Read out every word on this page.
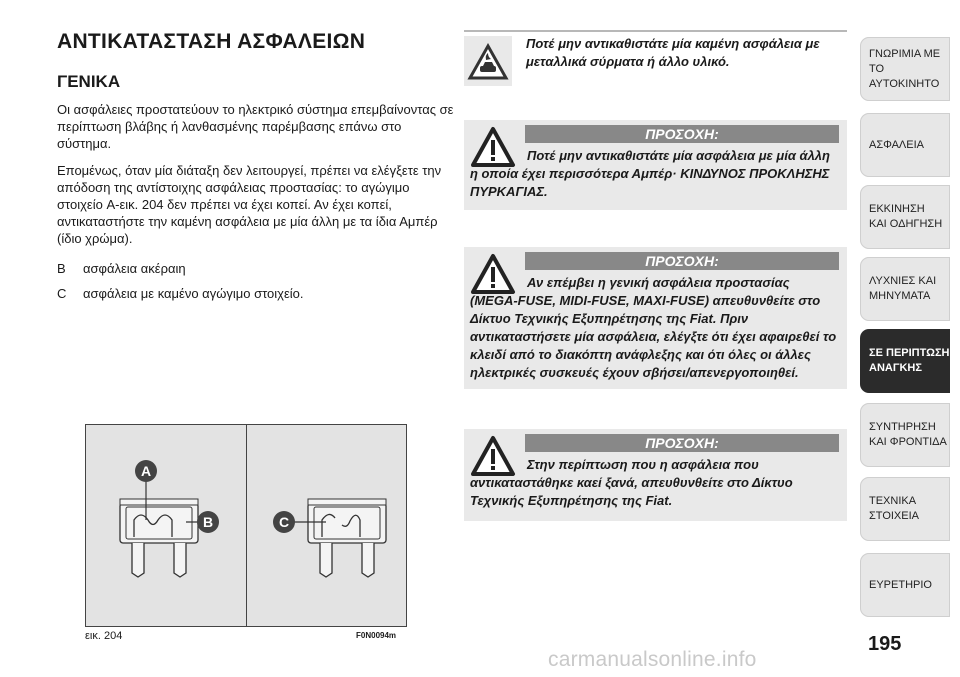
ΑΝΤΙΚΑΤΑΣΤΑΣΗ ΑΣΦΑΛΕΙΩΝ
ΓΕΝΙΚΑ
Οι ασφάλειες προστατεύουν το ηλεκτρικό σύστημα επεμβαίνοντας σε περίπτωση βλάβης ή λανθασμένης παρέμβασης επάνω στο σύστημα.
Επομένως, όταν μία διάταξη δεν λειτουργεί, πρέπει να ελέγξετε την απόδοση της αντίστοιχης ασφάλειας προστασίας: το αγώγιμο στοιχείο A-εικ. 204 δεν πρέπει να έχει κοπεί. Αν έχει κοπεί, αντικαταστήστε την καμένη ασφάλεια με μία άλλη με τα ίδια Αμπέρ (ίδιο χρώμα).
B	ασφάλεια ακέραιη
C	ασφάλεια με καμένο αγώγιμο στοιχείο.
A
B	C
εικ. 204	F0N0094m
Ποτέ μην αντικαθιστάτε μία καμένη ασφάλεια με μεταλλικά σύρματα ή άλλο υλικό.
ΠΡΟΣΟΧΗ:
Ποτέ μην αντικαθιστάτε μία ασφάλεια με μία άλλη η οποία έχει περισσότερα Αμπέρ· ΚΙΝΔΥΝΟΣ ΠΡΟΚΛΗΣΗΣ ΠΥΡΚΑΓΙΑΣ.
ΠΡΟΣΟΧΗ:
Αν επέμβει η γενική ασφάλεια προστασίας (MEGA-FUSE, MIDI-FUSE, MAXI-FUSE) απευθυνθείτε στο Δίκτυο Τεχνικής Εξυπηρέτησης της Fiat. Πριν αντικαταστήσετε μία ασφάλεια, ελέγξτε ότι έχει αφαιρεθεί το κλειδί από το διακόπτη ανάφλεξης και ότι όλες οι άλλες ηλεκτρικές συσκευές έχουν σβήσει/απενεργοποιηθεί.
ΠΡΟΣΟΧΗ:
Στην περίπτωση που η ασφάλεια που αντικαταστάθηκε καεί ξανά, απευθυνθείτε στο Δίκτυο Τεχνικής Εξυπηρέτησης της Fiat.
ΓΝΩΡΙΜΙΑ ΜΕ
ΤΟ ΑΥΤΟΚΙΝΗΤΟ
ΑΣΦΑΛΕΙΑ
ΕΚΚΙΝΗΣΗ
ΚΑΙ ΟΔΗΓΗΣΗ
ΛΥΧΝΙΕΣ ΚΑΙ
ΜΗΝΥΜΑΤΑ
ΣΕ ΠΕΡΙΠΤΩΣΗ
ΑΝΑΓΚΗΣ
ΣΥΝΤΗΡΗΣΗ
ΚΑΙ ΦΡΟΝΤΙΔΑ
ΤΕΧΝΙΚΑ
ΣΤΟΙΧΕΙΑ
ΕΥΡΕΤΗΡΙΟ
195
carmanualsonline.info
